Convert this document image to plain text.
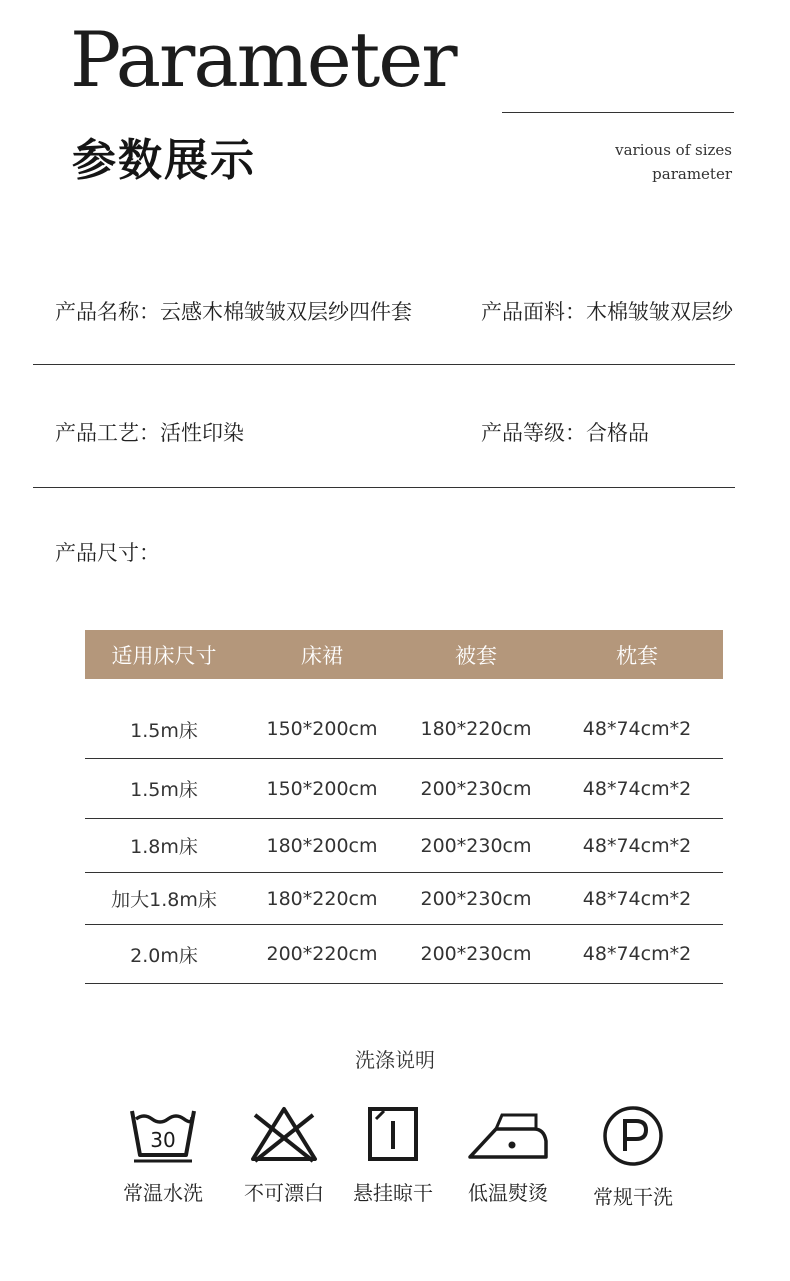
Parameter
参数展示	various of sizes
parameter
产品名称：云感木棉皱皱双层纱四件套	产品面料：木棉皱皱双层纱
产品工艺：活性印染	产品等级：合格品
产品尺寸：
适用床尺寸	床裙	被套	枕套
1.5m床	150*200cm	180*220cm	48*74cm*2
1.5m床	150*200cm	200*230cm	48*74cm*2
1.8m床	180*200cm	200*230cm	48*74cm*2
加大1.8m床	180*220cm	200*230cm	48*74cm*2
2.0m床	200*220cm	200*230cm	48*74cm*2
洗涤说明
30
常温水洗	不可漂白	悬挂晾干	低温熨烫	常规干洗
